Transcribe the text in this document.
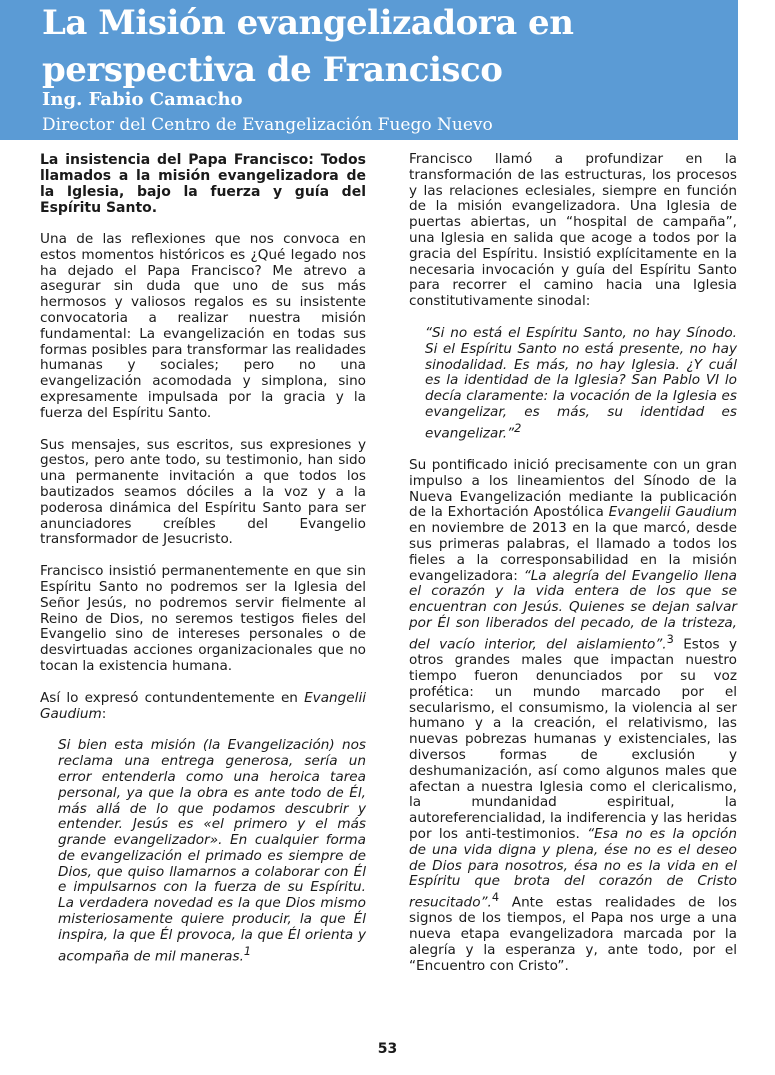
La Misión evangelizadora en
perspectiva de Francisco
Ing. Fabio Camacho
Director del Centro de Evangelización Fuego Nuevo

La insistencia del Papa Francisco: Todos llamados a la misión evangelizadora de la Iglesia, bajo la fuerza y guía del Espíritu Santo.

Una de las reflexiones que nos convoca en estos momentos históricos es ¿Qué legado nos ha dejado el Papa Francisco? Me atrevo a asegurar sin duda que uno de sus más hermosos y valiosos regalos es su insistente convocatoria a realizar nuestra misión fundamental: La evangelización en todas sus formas posibles para transformar las realidades humanas y sociales; pero no una evangelización acomodada y simplona, sino expresamente impulsada por la gracia y la fuerza del Espíritu Santo.

Sus mensajes, sus escritos, sus expresiones y gestos, pero ante todo, su testimonio, han sido una permanente invitación a que todos los bautizados seamos dóciles a la voz y a la poderosa dinámica del Espíritu Santo para ser anunciadores creíbles del Evangelio transformador de Jesucristo.

Francisco insistió permanentemente en que sin Espíritu Santo no podremos ser la Iglesia del Señor Jesús, no podremos servir fielmente al Reino de Dios, no seremos testigos fieles del Evangelio sino de intereses personales o de desvirtuadas acciones organizacionales que no tocan la existencia humana.

Así lo expresó contundentemente en Evangelii Gaudium:

Si bien esta misión (la Evangelización) nos reclama una entrega generosa, sería un error entenderla como una heroica tarea personal, ya que la obra es ante todo de Él, más allá de lo que podamos descubrir y entender. Jesús es «el primero y el más grande evangelizador». En cualquier forma de evangelización el primado es siempre de Dios, que quiso llamarnos a colaborar con Él e impulsarnos con la fuerza de su Espíritu. La verdadera novedad es la que Dios mismo misteriosamente quiere producir, la que Él inspira, la que Él provoca, la que Él orienta y acompaña de mil maneras.$^1$

Francisco llamó a profundizar en la transformación de las estructuras, los procesos y las relaciones eclesiales, siempre en función de la misión evangelizadora. Una Iglesia de puertas abiertas, un “hospital de campaña”, una Iglesia en salida que acoge a todos por la gracia del Espíritu. Insistió explícitamente en la necesaria invocación y guía del Espíritu Santo para recorrer el camino hacia una Iglesia constitutivamente sinodal:

“Si no está el Espíritu Santo, no hay Sínodo. Si el Espíritu Santo no está presente, no hay sinodalidad. Es más, no hay Iglesia. ¿Y cuál es la identidad de la Iglesia? San Pablo VI lo decía claramente: la vocación de la Iglesia es evangelizar, es más, su identidad es evangelizar.”$^2$

Su pontificado inició precisamente con un gran impulso a los lineamientos del Sínodo de la Nueva Evangelización mediante la publicación de la Exhortación Apostólica Evangelii Gaudium en noviembre de 2013 en la que marcó, desde sus primeras palabras, el llamado a todos los fieles a la corresponsabilidad en la misión evangelizadora: “La alegría del Evangelio llena el corazón y la vida entera de los que se encuentran con Jesús. Quienes se dejan salvar por Él son liberados del pecado, de la tristeza, del vacío interior, del aislamiento”.$^3$ Estos y otros grandes males que impactan nuestro tiempo fueron denunciados por su voz profética: un mundo marcado por el secularismo, el consumismo, la violencia al ser humano y a la creación, el relativismo, las nuevas pobrezas humanas y existenciales, las diversos formas de exclusión y deshumanización, así como algunos males que afectan a nuestra Iglesia como el clericalismo, la mundanidad espiritual, la autoreferencialidad, la indiferencia y las heridas por los anti-testimonios. “Esa no es la opción de una vida digna y plena, ése no es el deseo de Dios para nosotros, ésa no es la vida en el Espíritu que brota del corazón de Cristo resucitado”.$^4$ Ante estas realidades de los signos de los tiempos, el Papa nos urge a una nueva etapa evangelizadora marcada por la alegría y la esperanza y, ante todo, por el “Encuentro con Cristo”.

53
